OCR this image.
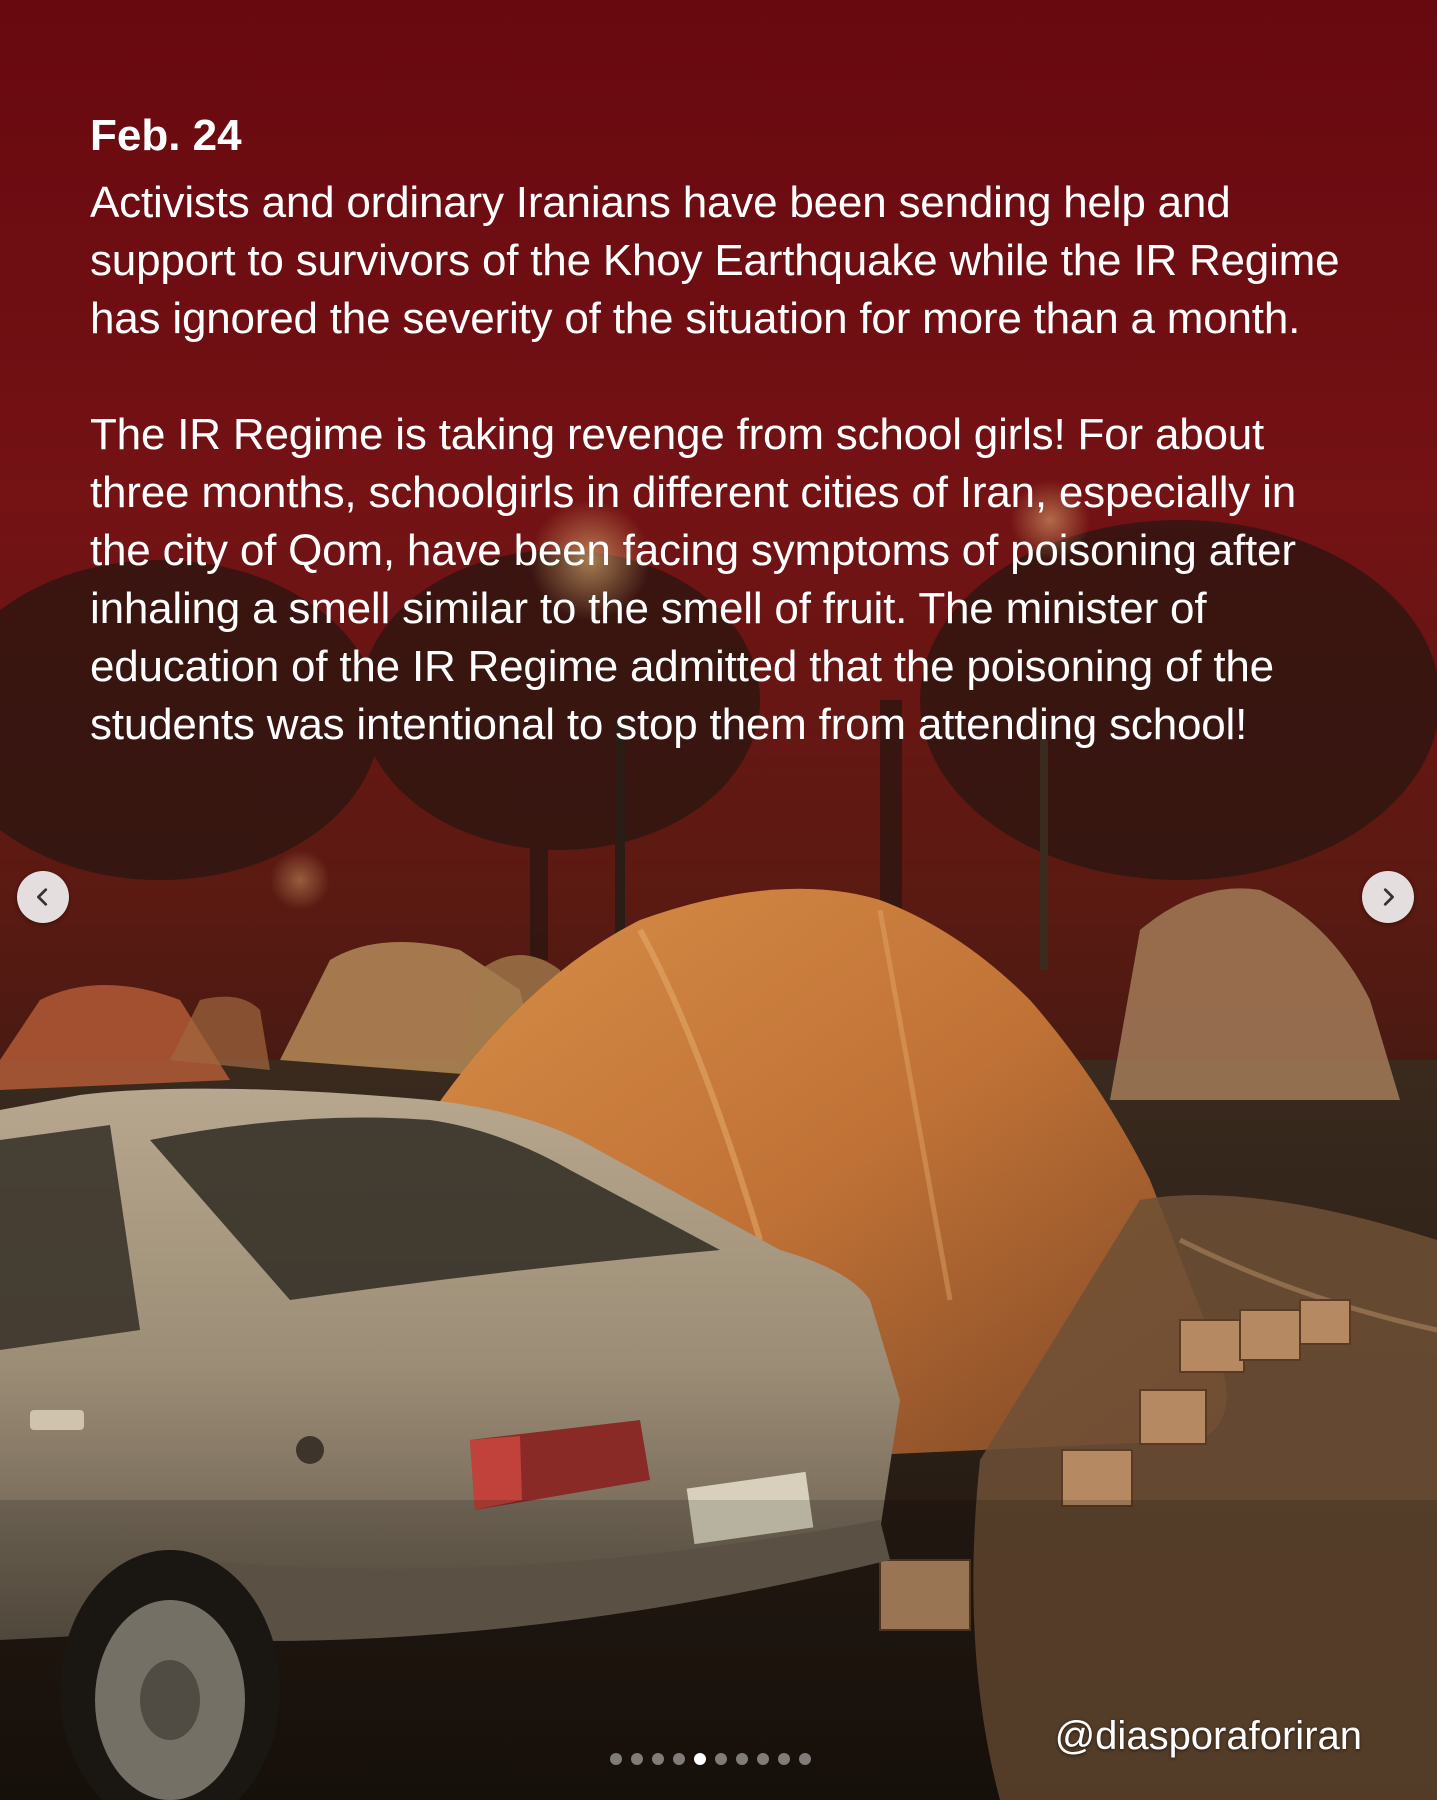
Feb. 24

Activists and ordinary Iranians have been sending help and support to survivors of the Khoy Earthquake while the IR Regime has ignored the severity of the situation for more than a month.

The IR Regime is taking revenge from school girls! For about three months, schoolgirls in different cities of Iran, especially in the city of Qom, have been facing symptoms of poisoning after inhaling a smell similar to the smell of fruit. The minister of education of the IR Regime admitted that the poisoning of the students was intentional to stop them from attending school!

@diasporaforiran
